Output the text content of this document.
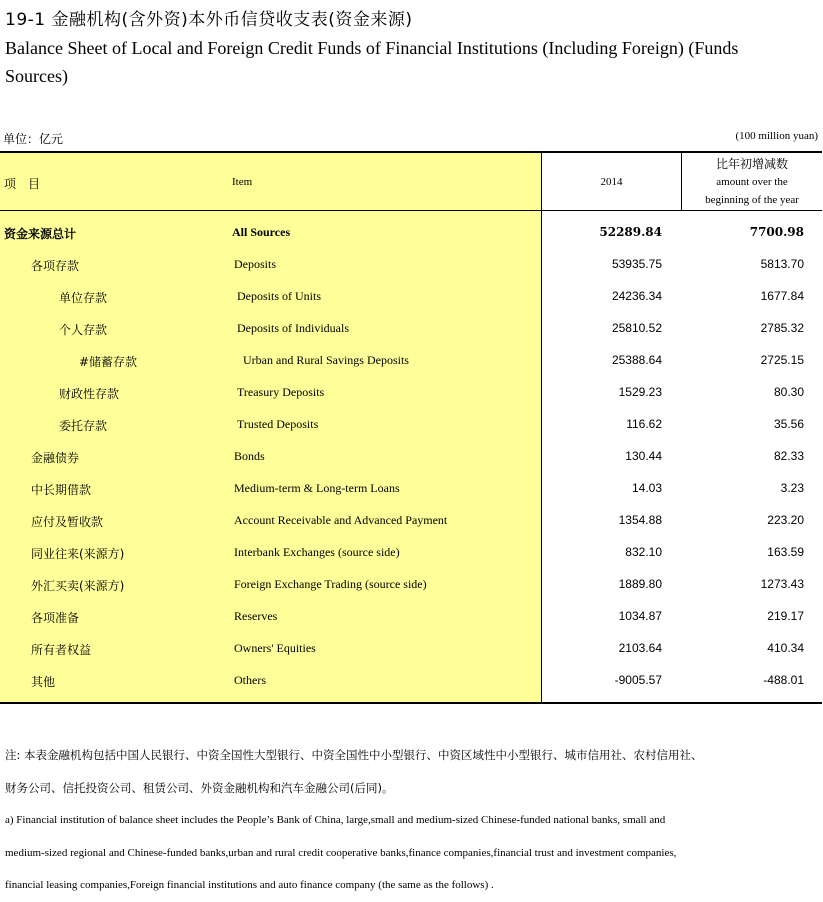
19-1 金融机构(含外资)本外币信贷收支表(资金来源)
Balance Sheet of Local and Foreign Credit Funds of Financial Institutions (Including Foreign) (Funds Sources)
单位：亿元	(100 million yuan)
项　目	Item	2014
比年初增减数
amount over the
beginning of the year
资金来源总计	All Sources	52289.84	7700.98
各项存款	Deposits	53935.75	5813.70
单位存款	Deposits of Units	24236.34	1677.84
个人存款	Deposits of Individuals	25810.52	2785.32
#储蓄存款	Urban and Rural Savings Deposits	25388.64	2725.15
财政性存款	Treasury Deposits	1529.23	80.30
委托存款	Trusted Deposits	116.62	35.56
金融债券	Bonds	130.44	82.33
中长期借款	Medium-term & Long-term Loans	14.03	3.23
应付及暂收款	Account Receivable and Advanced Payment	1354.88	223.20
同业往来(来源方)	Interbank Exchanges (source side)	832.10	163.59
外汇买卖(来源方)	Foreign Exchange Trading (source side)	1889.80	1273.43
各项准备	Reserves	1034.87	219.17
所有者权益	Owners' Equities	2103.64	410.34
其他	Others	-9005.57	-488.01
注: 本表金融机构包括中国人民银行、中资全国性大型银行、中资全国性中小型银行、中资区域性中小型银行、城市信用社、农村信用社、
财务公司、信托投资公司、租赁公司、外资金融机构和汽车金融公司(后同)。
a) Financial institution of balance sheet includes the People’s Bank of China, large,small and medium-sized Chinese-funded national banks, small and
medium-sized regional and Chinese-funded banks,urban and rural credit cooperative banks,finance companies,financial trust and investment companies,
financial leasing companies,Foreign financial institutions and auto finance company (the same as the follows) .
